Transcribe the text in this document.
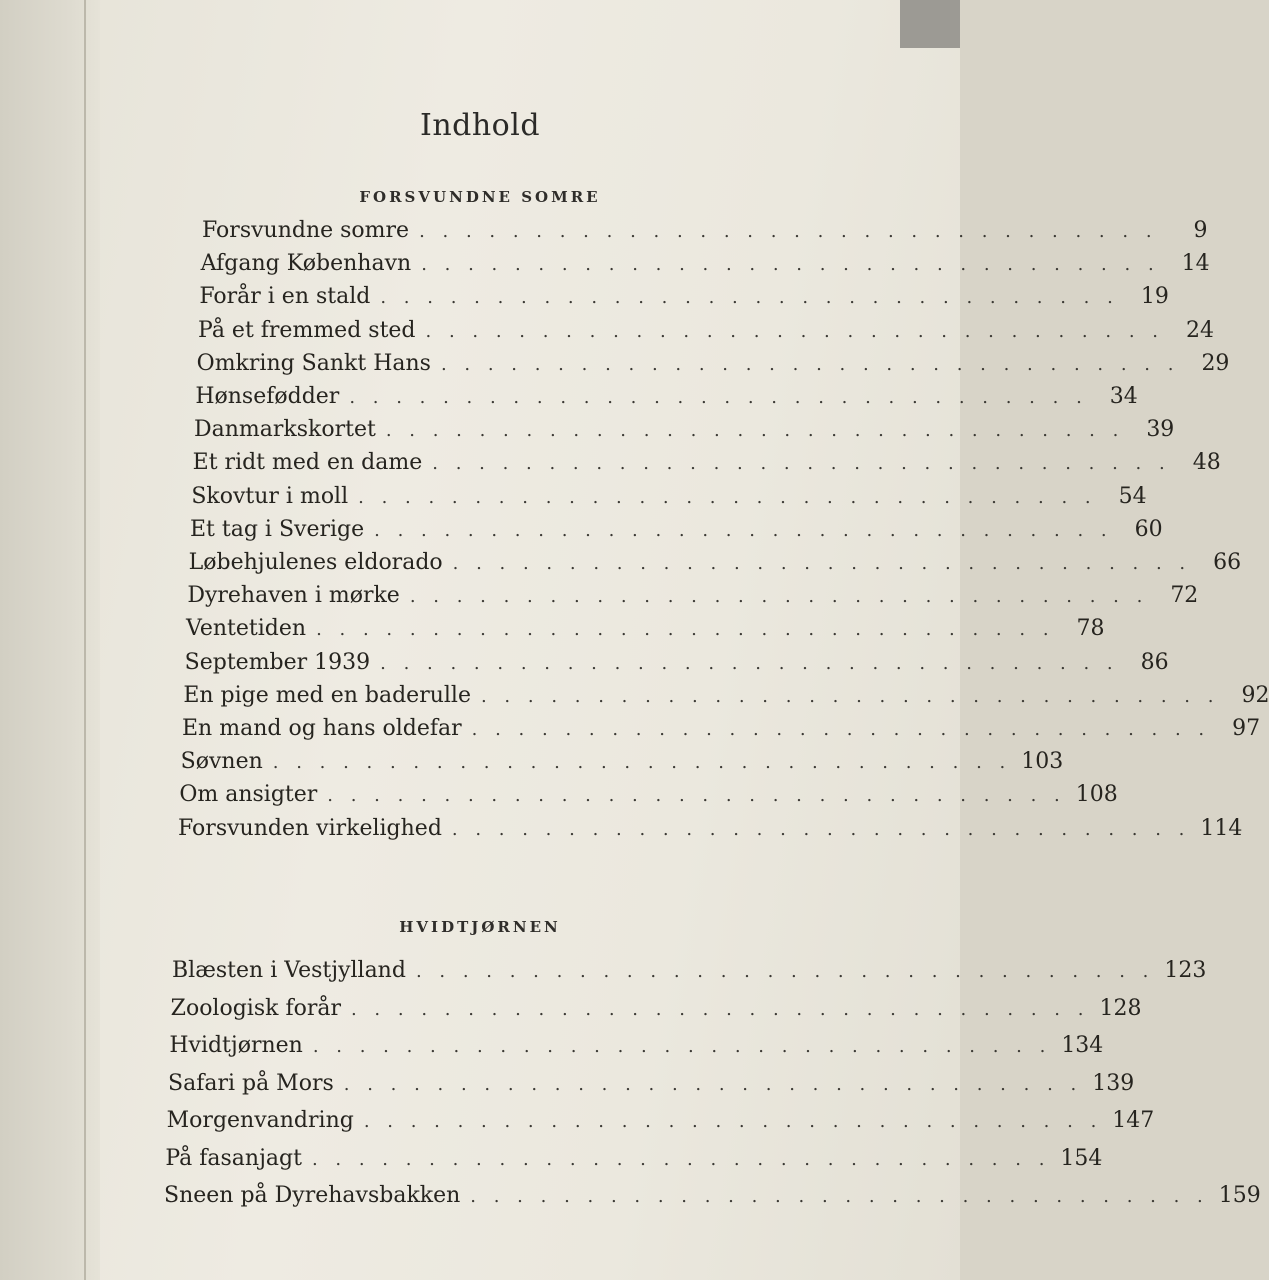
Indhold
FORSVUNDNE SOMRE
Forsvundne somre . . . . . . . . . . . . . . . . . . . . . . . . . . . . . . . .	9
Afgang København . . . . . . . . . . . . . . . . . . . . . . . . . . . . . . . .	14
Forår i en stald . . . . . . . . . . . . . . . . . . . . . . . . . . . . . . . .	19
På et fremmed sted . . . . . . . . . . . . . . . . . . . . . . . . . . . . . . . .	24
Omkring Sankt Hans . . . . . . . . . . . . . . . . . . . . . . . . . . . . . . . .	29
Hønsefødder . . . . . . . . . . . . . . . . . . . . . . . . . . . . . . . .	34
Danmarkskortet . . . . . . . . . . . . . . . . . . . . . . . . . . . . . . . .	39
Et ridt med en dame . . . . . . . . . . . . . . . . . . . . . . . . . . . . . . . .	48
Skovtur i moll . . . . . . . . . . . . . . . . . . . . . . . . . . . . . . . .	54
Et tag i Sverige . . . . . . . . . . . . . . . . . . . . . . . . . . . . . . . .	60
Løbehjulenes eldorado . . . . . . . . . . . . . . . . . . . . . . . . . . . . . . . .	66
Dyrehaven i mørke . . . . . . . . . . . . . . . . . . . . . . . . . . . . . . . .	72
Ventetiden . . . . . . . . . . . . . . . . . . . . . . . . . . . . . . . .	78
September 1939 . . . . . . . . . . . . . . . . . . . . . . . . . . . . . . . .	86
En pige med en baderulle . . . . . . . . . . . . . . . . . . . . . . . . . . . . . . . .	92
En mand og hans oldefar . . . . . . . . . . . . . . . . . . . . . . . . . . . . . . . .	97
Søvnen . . . . . . . . . . . . . . . . . . . . . . . . . . . . . . . . 103
Om ansigter . . . . . . . . . . . . . . . . . . . . . . . . . . . . . . . . 108
Forsvunden virkelighed . . . . . . . . . . . . . . . . . . . . . . . . . . . . . . . . 114
HVIDTJØRNEN
Blæsten i Vestjylland . . . . . . . . . . . . . . . . . . . . . . . . . . . . . . . . 123
Zoologisk forår . . . . . . . . . . . . . . . . . . . . . . . . . . . . . . . . 128
Hvidtjørnen . . . . . . . . . . . . . . . . . . . . . . . . . . . . . . . . 134
Safari på Mors . . . . . . . . . . . . . . . . . . . . . . . . . . . . . . . . 139
Morgenvandring . . . . . . . . . . . . . . . . . . . . . . . . . . . . . . . . 147
På fasanjagt . . . . . . . . . . . . . . . . . . . . . . . . . . . . . . . . 154
Sneen på Dyrehavsbakken . . . . . . . . . . . . . . . . . . . . . . . . . . . . . . . . 159
